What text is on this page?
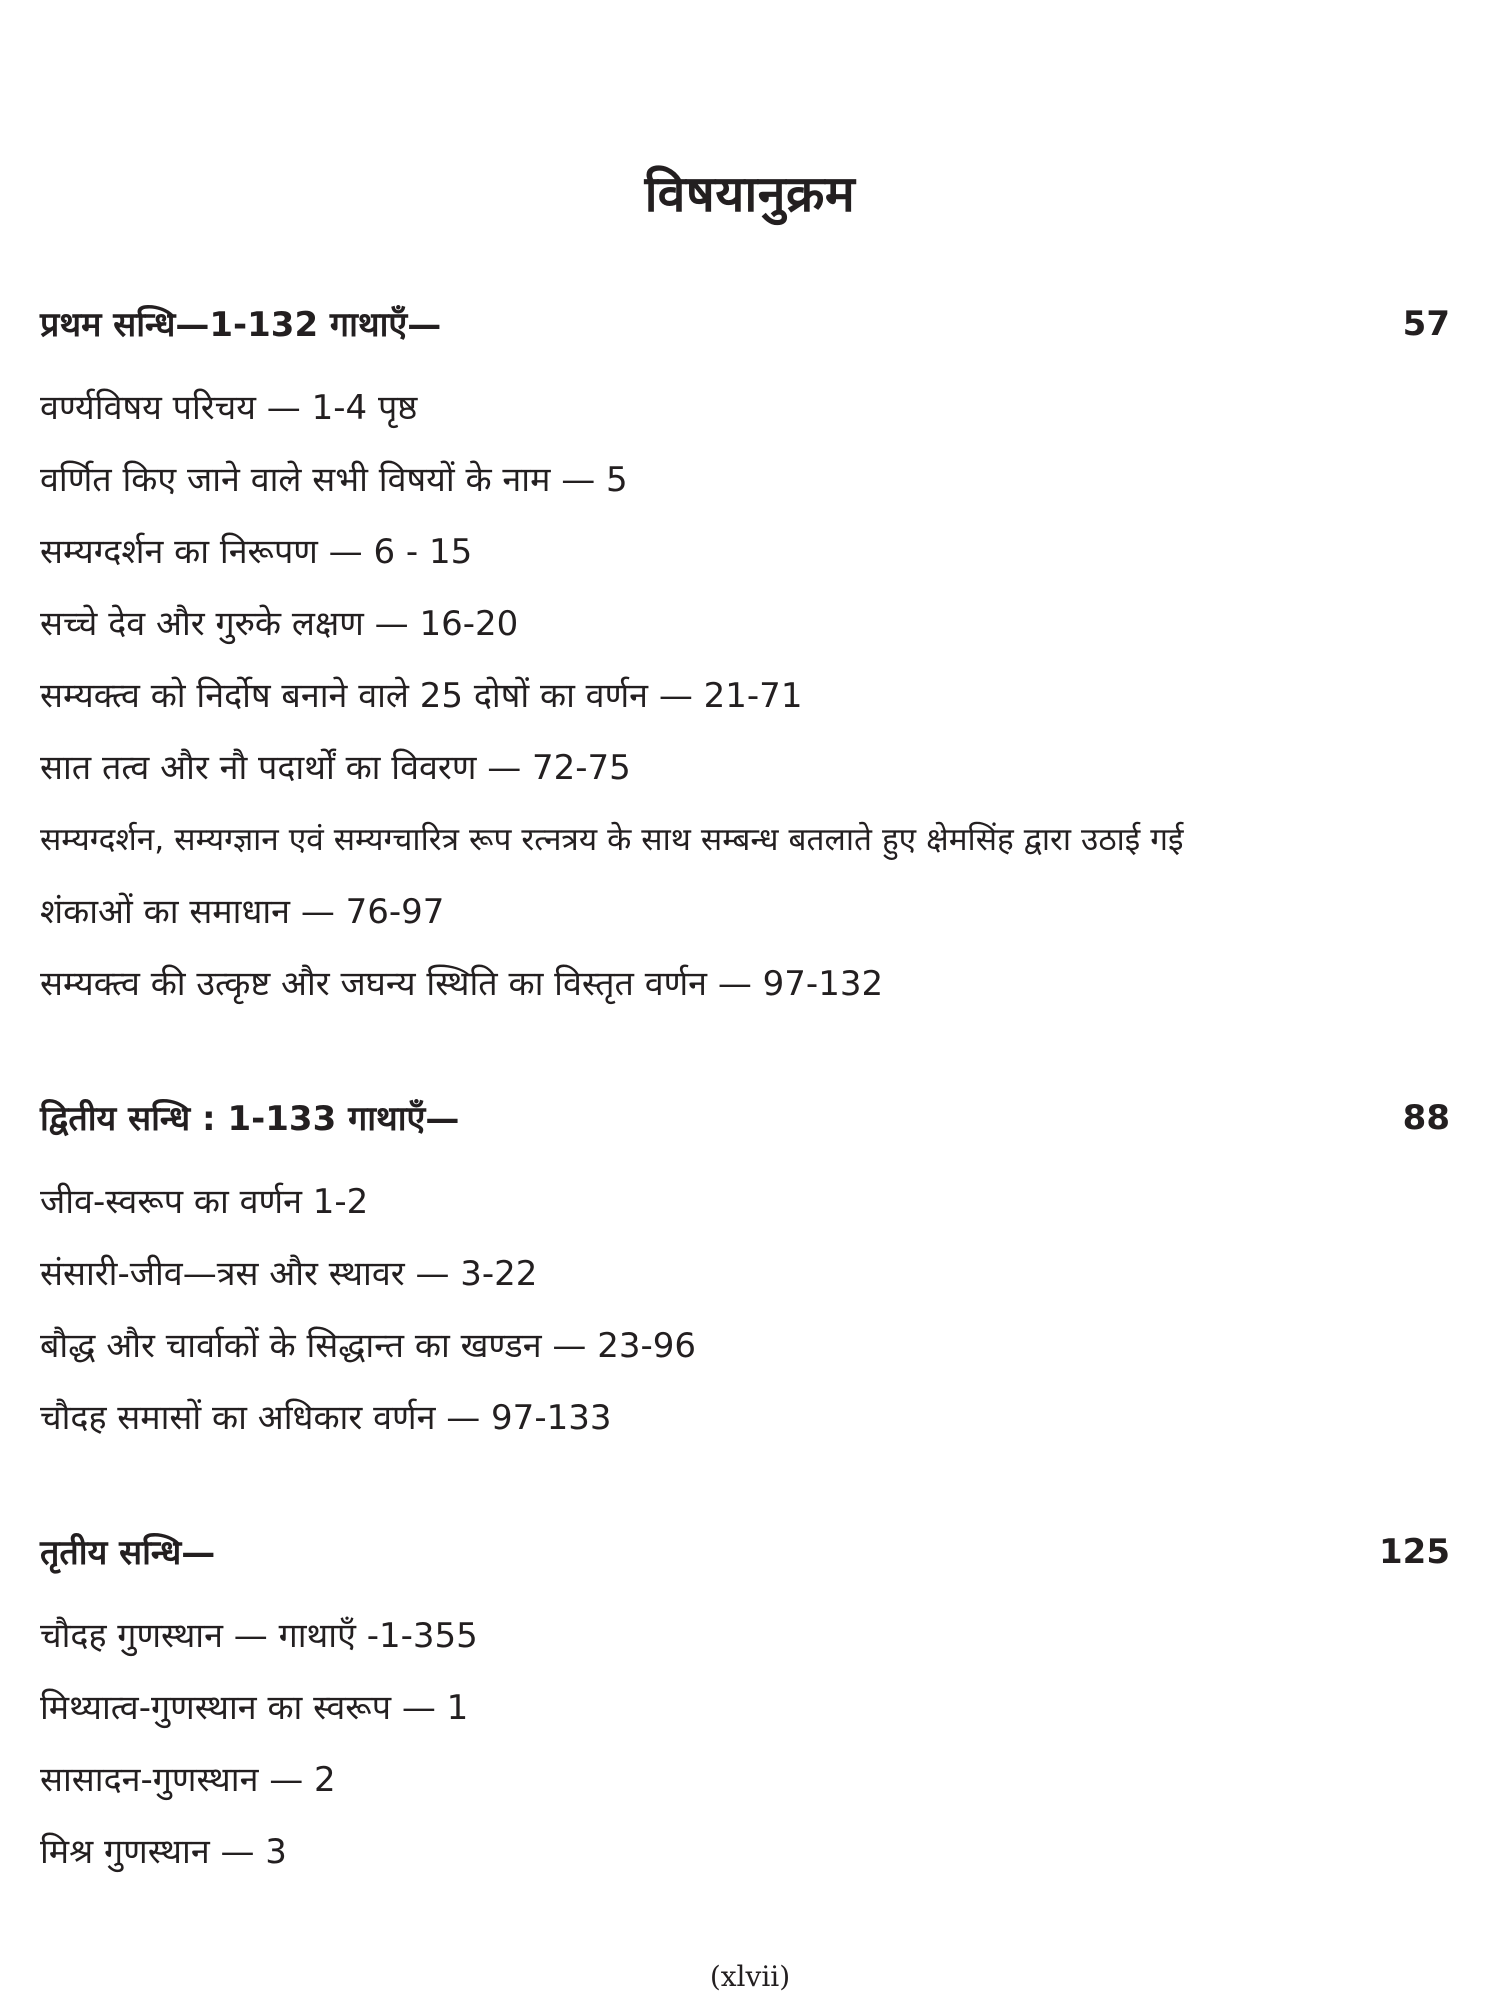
विषयानुक्रम
प्रथम सन्धि—1-132 गाथाएँ—	57
वर्ण्यविषय परिचय — 1-4 पृष्ठ
वर्णित किए जाने वाले सभी विषयों के नाम — 5
सम्यग्दर्शन का निरूपण — 6 - 15
सच्चे देव और गुरुके लक्षण — 16-20
सम्यक्त्व को निर्दोष बनाने वाले 25 दोषों का वर्णन — 21-71
सात तत्व और नौ पदार्थों का विवरण — 72-75
सम्यग्दर्शन, सम्यग्ज्ञान एवं सम्यग्चारित्र रूप रत्नत्रय के साथ सम्बन्ध बतलाते हुए क्षेमसिंह द्वारा उठाई गई
शंकाओं का समाधान — 76-97
सम्यक्त्व की उत्कृष्ट और जघन्य स्थिति का विस्तृत वर्णन — 97-132
द्वितीय सन्धि : 1-133 गाथाएँ—	88
जीव-स्वरूप का वर्णन 1-2
संसारी-जीव—त्रस और स्थावर — 3-22
बौद्ध और चार्वाकों के सिद्धान्त का खण्डन — 23-96
चौदह समासों का अधिकार वर्णन — 97-133
तृतीय सन्धि—	125
चौदह गुणस्थान — गाथाएँ -1-355
मिथ्यात्व-गुणस्थान का स्वरूप — 1
सासादन-गुणस्थान — 2
मिश्र गुणस्थान — 3
(xlvii)
